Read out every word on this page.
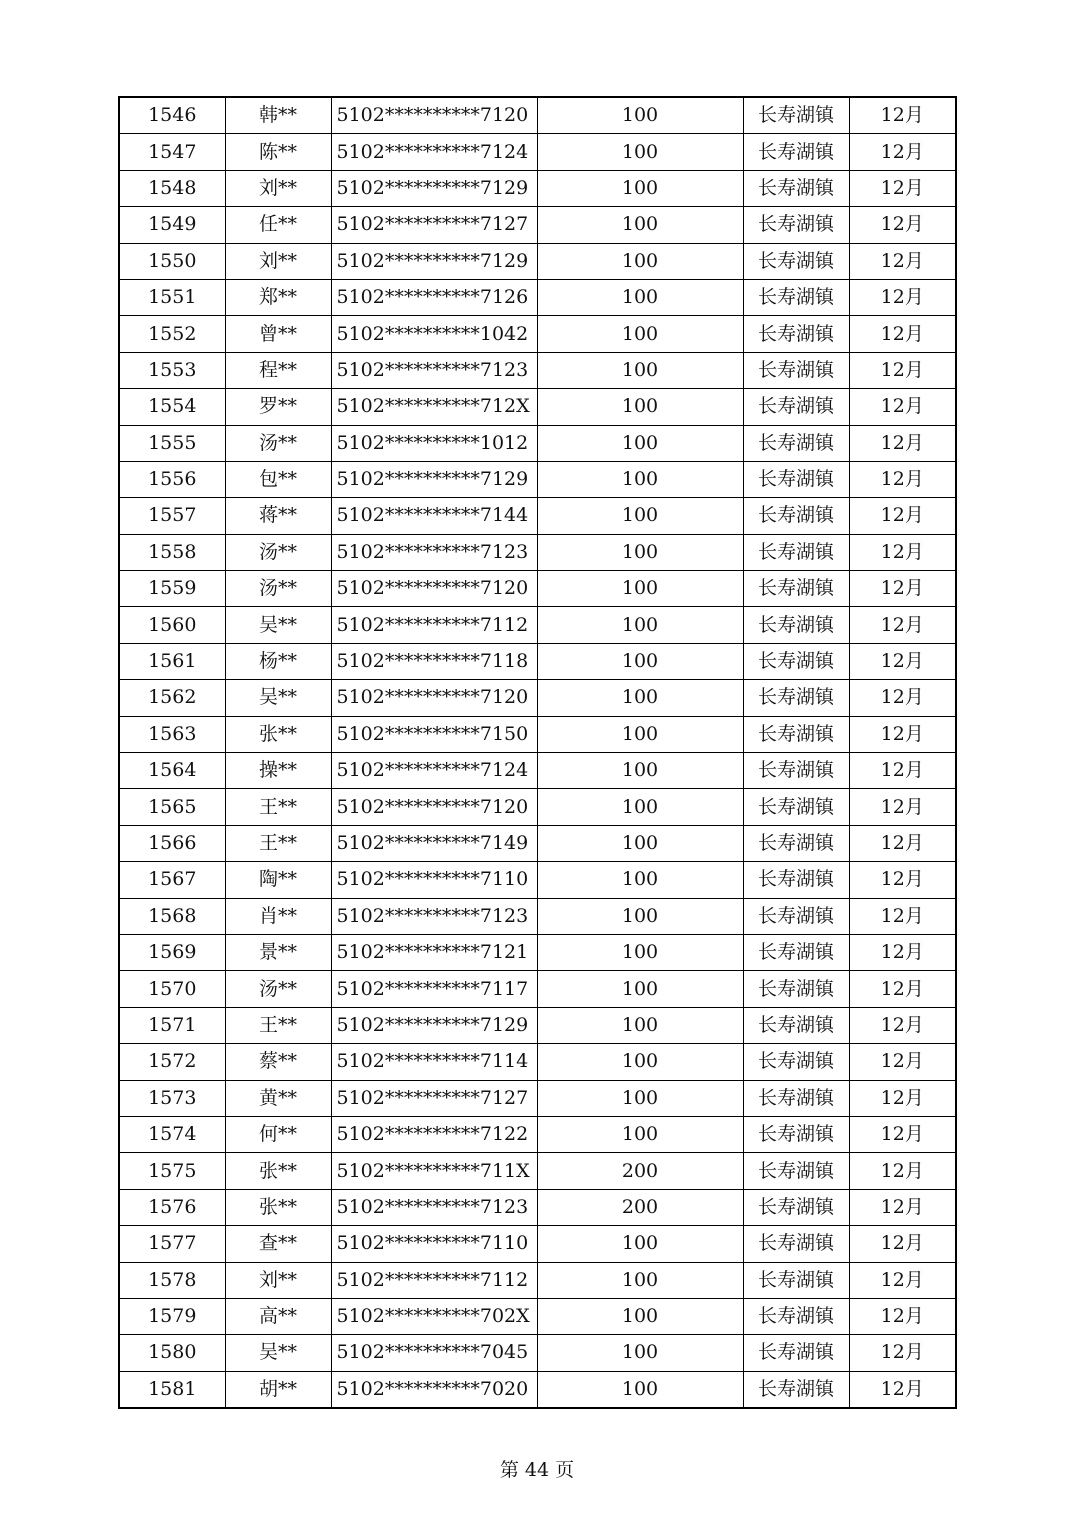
1546	韩**	5102**********7120	100	长寿湖镇	12月
1547	陈**	5102**********7124	100	长寿湖镇	12月
1548	刘**	5102**********7129	100	长寿湖镇	12月
1549	任**	5102**********7127	100	长寿湖镇	12月
1550	刘**	5102**********7129	100	长寿湖镇	12月
1551	郑**	5102**********7126	100	长寿湖镇	12月
1552	曾**	5102**********1042	100	长寿湖镇	12月
1553	程**	5102**********7123	100	长寿湖镇	12月
1554	罗**	5102**********712X	100	长寿湖镇	12月
1555	汤**	5102**********1012	100	长寿湖镇	12月
1556	包**	5102**********7129	100	长寿湖镇	12月
1557	蒋**	5102**********7144	100	长寿湖镇	12月
1558	汤**	5102**********7123	100	长寿湖镇	12月
1559	汤**	5102**********7120	100	长寿湖镇	12月
1560	吴**	5102**********7112	100	长寿湖镇	12月
1561	杨**	5102**********7118	100	长寿湖镇	12月
1562	吴**	5102**********7120	100	长寿湖镇	12月
1563	张**	5102**********7150	100	长寿湖镇	12月
1564	操**	5102**********7124	100	长寿湖镇	12月
1565	王**	5102**********7120	100	长寿湖镇	12月
1566	王**	5102**********7149	100	长寿湖镇	12月
1567	陶**	5102**********7110	100	长寿湖镇	12月
1568	肖**	5102**********7123	100	长寿湖镇	12月
1569	景**	5102**********7121	100	长寿湖镇	12月
1570	汤**	5102**********7117	100	长寿湖镇	12月
1571	王**	5102**********7129	100	长寿湖镇	12月
1572	蔡**	5102**********7114	100	长寿湖镇	12月
1573	黄**	5102**********7127	100	长寿湖镇	12月
1574	何**	5102**********7122	100	长寿湖镇	12月
1575	张**	5102**********711X	200	长寿湖镇	12月
1576	张**	5102**********7123	200	长寿湖镇	12月
1577	查**	5102**********7110	100	长寿湖镇	12月
1578	刘**	5102**********7112	100	长寿湖镇	12月
1579	高**	5102**********702X	100	长寿湖镇	12月
1580	吴**	5102**********7045	100	长寿湖镇	12月
1581	胡**	5102**********7020	100	长寿湖镇	12月
第 44 页
